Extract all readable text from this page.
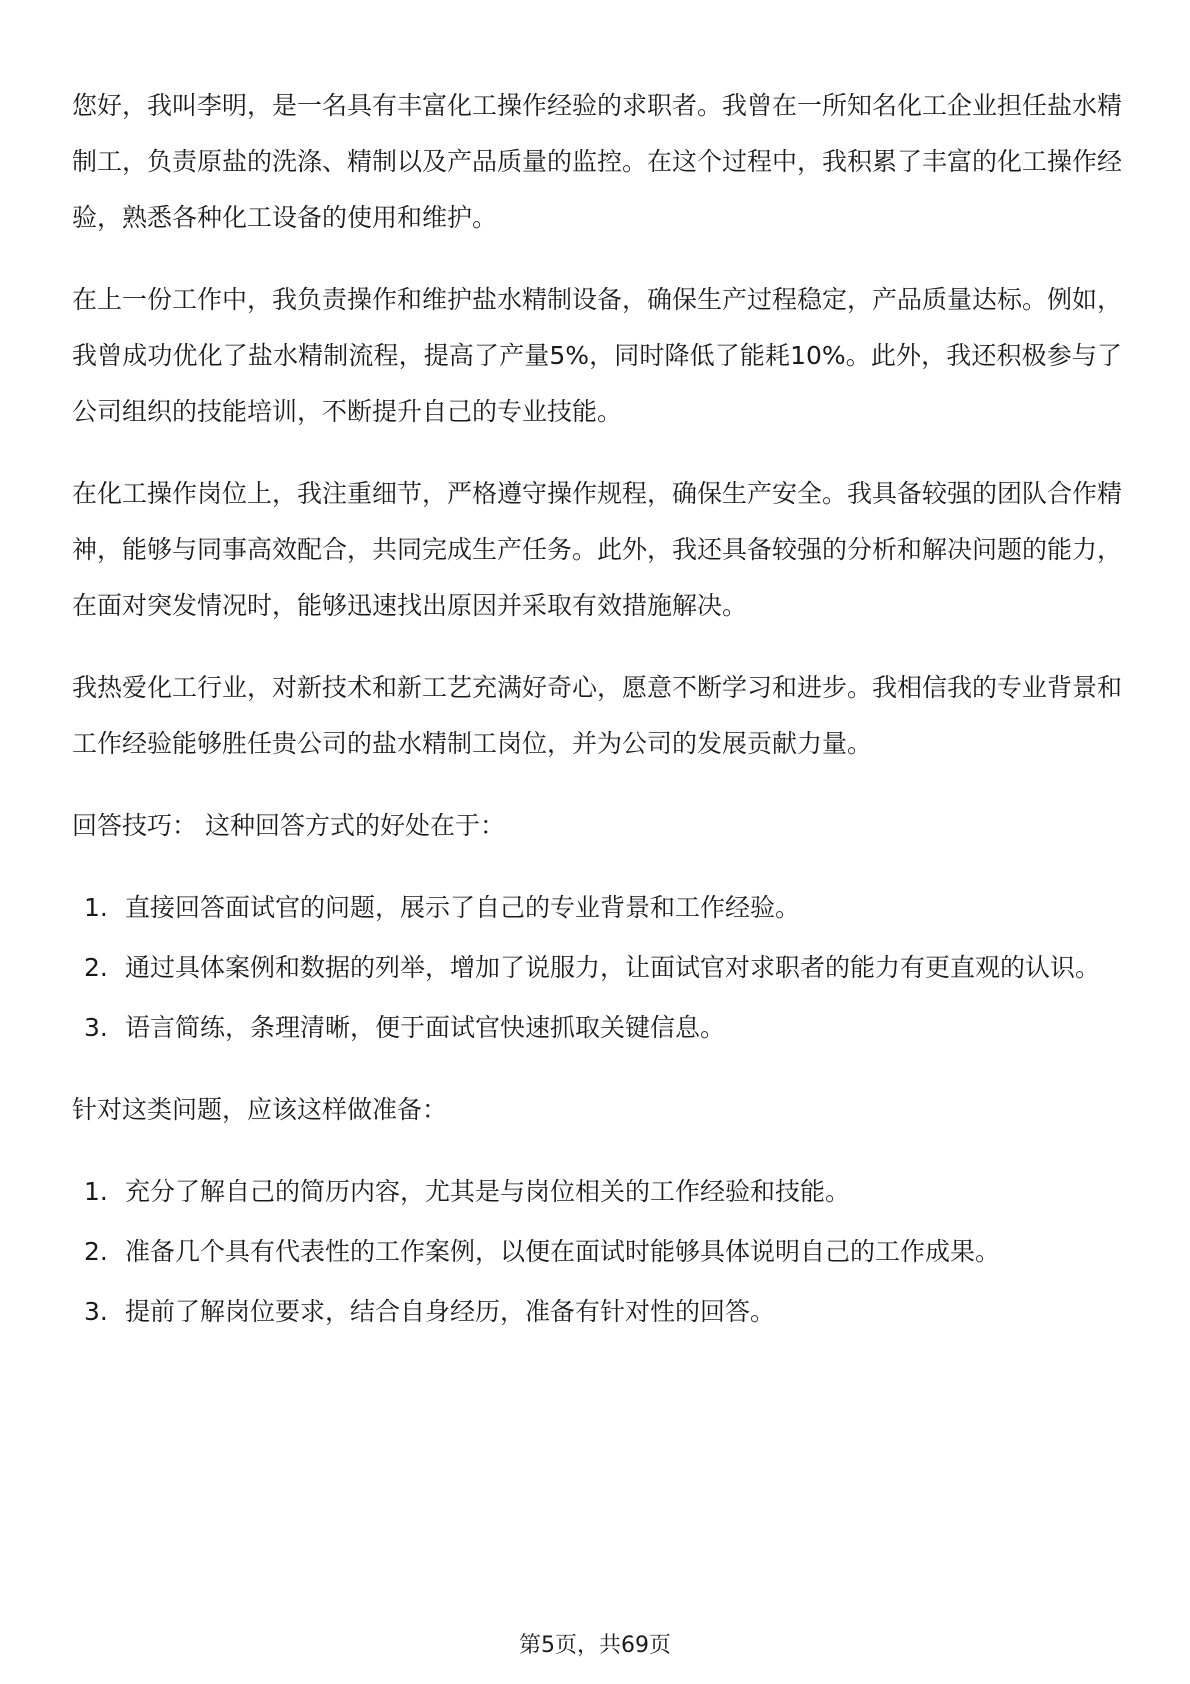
您好，我叫李明，是一名具有丰富化工操作经验的求职者。我曾在一所知名化工企业担任盐水精制工，负责原盐的洗涤、精制以及产品质量的监控。在这个过程中，我积累了丰富的化工操作经验，熟悉各种化工设备的使用和维护。

在上一份工作中，我负责操作和维护盐水精制设备，确保生产过程稳定，产品质量达标。例如，我曾成功优化了盐水精制流程，提高了产量5%，同时降低了能耗10%。此外，我还积极参与了公司组织的技能培训，不断提升自己的专业技能。

在化工操作岗位上，我注重细节，严格遵守操作规程，确保生产安全。我具备较强的团队合作精神，能够与同事高效配合，共同完成生产任务。此外，我还具备较强的分析和解决问题的能力，在面对突发情况时，能够迅速找出原因并采取有效措施解决。

我热爱化工行业，对新技术和新工艺充满好奇心，愿意不断学习和进步。我相信我的专业背景和工作经验能够胜任贵公司的盐水精制工岗位，并为公司的发展贡献力量。

回答技巧： 这种回答方式的好处在于：

1. 直接回答面试官的问题，展示了自己的专业背景和工作经验。
2. 通过具体案例和数据的列举，增加了说服力，让面试官对求职者的能力有更直观的认识。
3. 语言简练，条理清晰，便于面试官快速抓取关键信息。

针对这类问题，应该这样做准备：

1. 充分了解自己的简历内容，尤其是与岗位相关的工作经验和技能。
2. 准备几个具有代表性的工作案例，以便在面试时能够具体说明自己的工作成果。
3. 提前了解岗位要求，结合自身经历，准备有针对性的回答。
第5页，共69页
